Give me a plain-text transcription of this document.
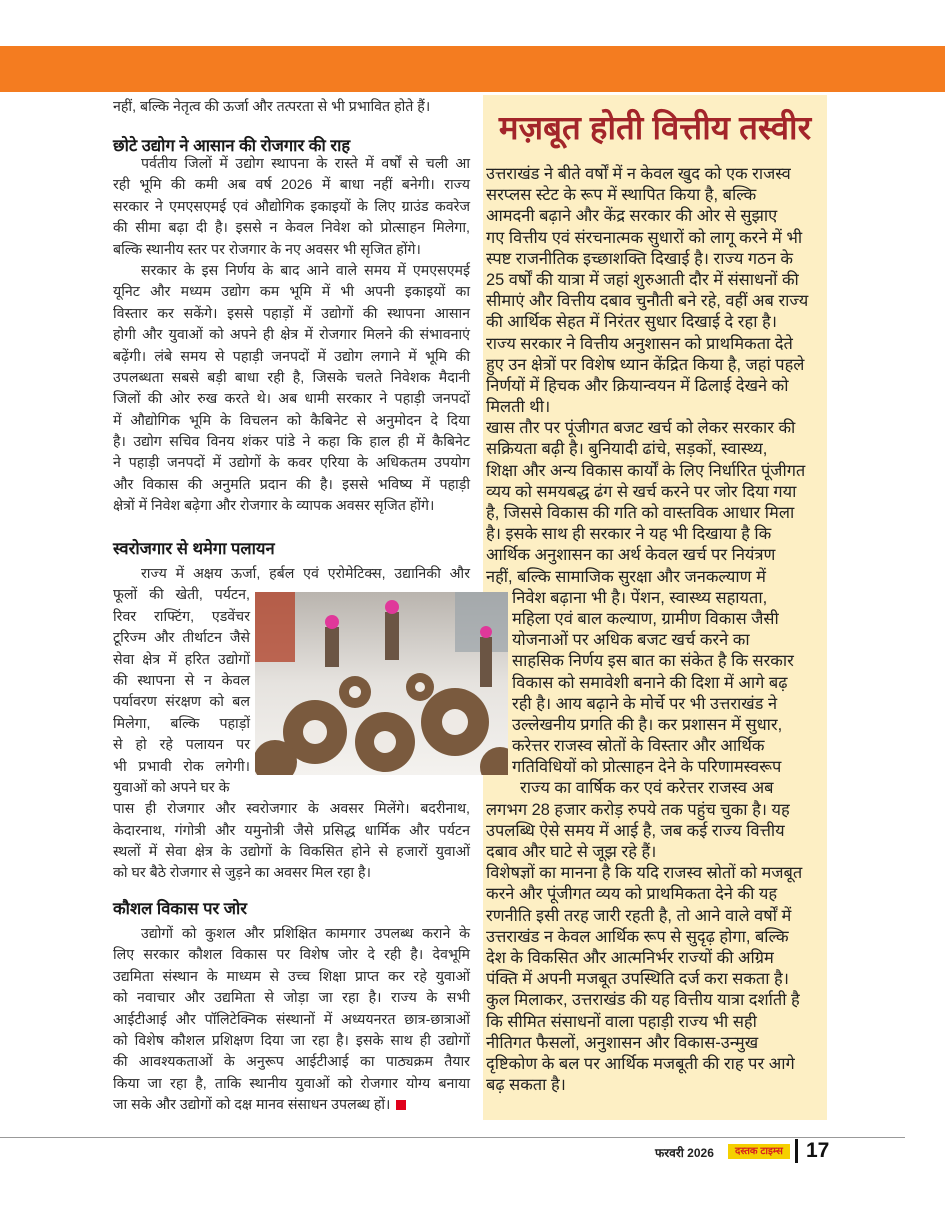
नहीं, बल्कि नेतृत्व की ऊर्जा और तत्परता से भी प्रभावित होते हैं।
छोटे उद्योग ने आसान की रोजगार की राह
पर्वतीय जिलों में उद्योग स्थापना के रास्ते में वर्षों से चली आ
रही भूमि की कमी अब वर्ष 2026 में बाधा नहीं बनेगी। राज्य
सरकार ने एमएसएमई एवं औद्योगिक इकाइयों के लिए ग्राउंड कवरेज
की सीमा बढ़ा दी है। इससे न केवल निवेश को प्रोत्साहन मिलेगा,
बल्कि स्थानीय स्तर पर रोजगार के नए अवसर भी सृजित होंगे।
सरकार के इस निर्णय के बाद आने वाले समय में एमएसएमई
यूनिट और मध्यम उद्योग कम भूमि में भी अपनी इकाइयों का
विस्तार कर सकेंगे। इससे पहाड़ों में उद्योगों की स्थापना आसान
होगी और युवाओं को अपने ही क्षेत्र में रोजगार मिलने की संभावनाएं
बढ़ेंगी। लंबे समय से पहाड़ी जनपदों में उद्योग लगाने में भूमि की
उपलब्धता सबसे बड़ी बाधा रही है, जिसके चलते निवेशक मैदानी
जिलों की ओर रुख करते थे। अब धामी सरकार ने पहाड़ी जनपदों
में औद्योगिक भूमि के विचलन को कैबिनेट से अनुमोदन दे दिया
है। उद्योग सचिव विनय शंकर पांडे ने कहा कि हाल ही में कैबिनेट
ने पहाड़ी जनपदों में उद्योगों के कवर एरिया के अधिकतम उपयोग
और विकास की अनुमति प्रदान की है। इससे भविष्य में पहाड़ी
क्षेत्रों में निवेश बढ़ेगा और रोजगार के व्यापक अवसर सृजित होंगे।
स्वरोजगार से थमेगा पलायन
राज्य में अक्षय ऊर्जा, हर्बल एवं एरोमेटिक्स, उद्यानिकी और
फूलों की खेती, पर्यटन,
रिवर राफ्टिंग, एडवेंचर
टूरिज्म और तीर्थाटन जैसे
सेवा क्षेत्र में हरित उद्योगों
की स्थापना से न केवल
पर्यावरण संरक्षण को बल
मिलेगा, बल्कि पहाड़ों
से हो रहे पलायन पर
भी प्रभावी रोक लगेगी।
युवाओं को अपने घर के
पास ही रोजगार और स्वरोजगार के अवसर मिलेंगे। बदरीनाथ,
केदारनाथ, गंगोत्री और यमुनोत्री जैसे प्रसिद्ध धार्मिक और पर्यटन
स्थलों में सेवा क्षेत्र के उद्योगों के विकसित होने से हजारों युवाओं
को घर बैठे रोजगार से जुड़ने का अवसर मिल रहा है।
कौशल विकास पर जोर
उद्योगों को कुशल और प्रशिक्षित कामगार उपलब्ध कराने के
लिए सरकार कौशल विकास पर विशेष जोर दे रही है। देवभूमि
उद्यमिता संस्थान के माध्यम से उच्च शिक्षा प्राप्त कर रहे युवाओं
को नवाचार और उद्यमिता से जोड़ा जा रहा है। राज्य के सभी
आईटीआई और पॉलिटेक्निक संस्थानों में अध्ययनरत छात्र-छात्राओं
को विशेष कौशल प्रशिक्षण दिया जा रहा है। इसके साथ ही उद्योगों
की आवश्यकताओं के अनुरूप आईटीआई का पाठ्यक्रम तैयार
किया जा रहा है, ताकि स्थानीय युवाओं को रोजगार योग्य बनाया
जा सके और उद्योगों को दक्ष मानव संसाधन उपलब्ध हों।
मज़बूत होती वित्तीय तस्वीर
उत्तराखंड ने बीते वर्षों में न केवल खुद को एक राजस्व
सरप्लस स्टेट के रूप में स्थापित किया है, बल्कि
आमदनी बढ़ाने और केंद्र सरकार की ओर से सुझाए
गए वित्तीय एवं संरचनात्मक सुधारों को लागू करने में भी
स्पष्ट राजनीतिक इच्छाशक्ति दिखाई है। राज्य गठन के
25 वर्षों की यात्रा में जहां शुरुआती दौर में संसाधनों की
सीमाएं और वित्तीय दबाव चुनौती बने रहे, वहीं अब राज्य
की आर्थिक सेहत में निरंतर सुधार दिखाई दे रहा है।
राज्य सरकार ने वित्तीय अनुशासन को प्राथमिकता देते
हुए उन क्षेत्रों पर विशेष ध्यान केंद्रित किया है, जहां पहले
निर्णयों में हिचक और क्रियान्वयन में ढिलाई देखने को
मिलती थी।
खास तौर पर पूंजीगत बजट खर्च को लेकर सरकार की
सक्रियता बढ़ी है। बुनियादी ढांचे, सड़कों, स्वास्थ्य,
शिक्षा और अन्य विकास कार्यों के लिए निर्धारित पूंजीगत
व्यय को समयबद्ध ढंग से खर्च करने पर जोर दिया गया
है, जिससे विकास की गति को वास्तविक आधार मिला
है। इसके साथ ही सरकार ने यह भी दिखाया है कि
आर्थिक अनुशासन का अर्थ केवल खर्च पर नियंत्रण
नहीं, बल्कि सामाजिक सुरक्षा और जनकल्याण में
निवेश बढ़ाना भी है। पेंशन, स्वास्थ्य सहायता,
महिला एवं बाल कल्याण, ग्रामीण विकास जैसी
योजनाओं पर अधिक बजट खर्च करने का
साहसिक निर्णय इस बात का संकेत है कि सरकार
विकास को समावेशी बनाने की दिशा में आगे बढ़
रही है। आय बढ़ाने के मोर्चे पर भी उत्तराखंड ने
उल्लेखनीय प्रगति की है। कर प्रशासन में सुधार,
करेत्तर राजस्व स्रोतों के विस्तार और आर्थिक
गतिविधियों को प्रोत्साहन देने के परिणामस्वरूप
राज्य का वार्षिक कर एवं करेत्तर राजस्व अब
लगभग 28 हजार करोड़ रुपये तक पहुंच चुका है। यह
उपलब्धि ऐसे समय में आई है, जब कई राज्य वित्तीय
दबाव और घाटे से जूझ रहे हैं।
विशेषज्ञों का मानना है कि यदि राजस्व स्रोतों को मजबूत
करने और पूंजीगत व्यय को प्राथमिकता देने की यह
रणनीति इसी तरह जारी रहती है, तो आने वाले वर्षों में
उत्तराखंड न केवल आर्थिक रूप से सुदृढ़ होगा, बल्कि
देश के विकसित और आत्मनिर्भर राज्यों की अग्रिम
पंक्ति में अपनी मजबूत उपस्थिति दर्ज करा सकता है।
कुल मिलाकर, उत्तराखंड की यह वित्तीय यात्रा दर्शाती है
कि सीमित संसाधनों वाला पहाड़ी राज्य भी सही
नीतिगत फैसलों, अनुशासन और विकास-उन्मुख
दृष्टिकोण के बल पर आर्थिक मजबूती की राह पर आगे
बढ़ सकता है।
फरवरी 2026	दस्तक टाइम्स	17
